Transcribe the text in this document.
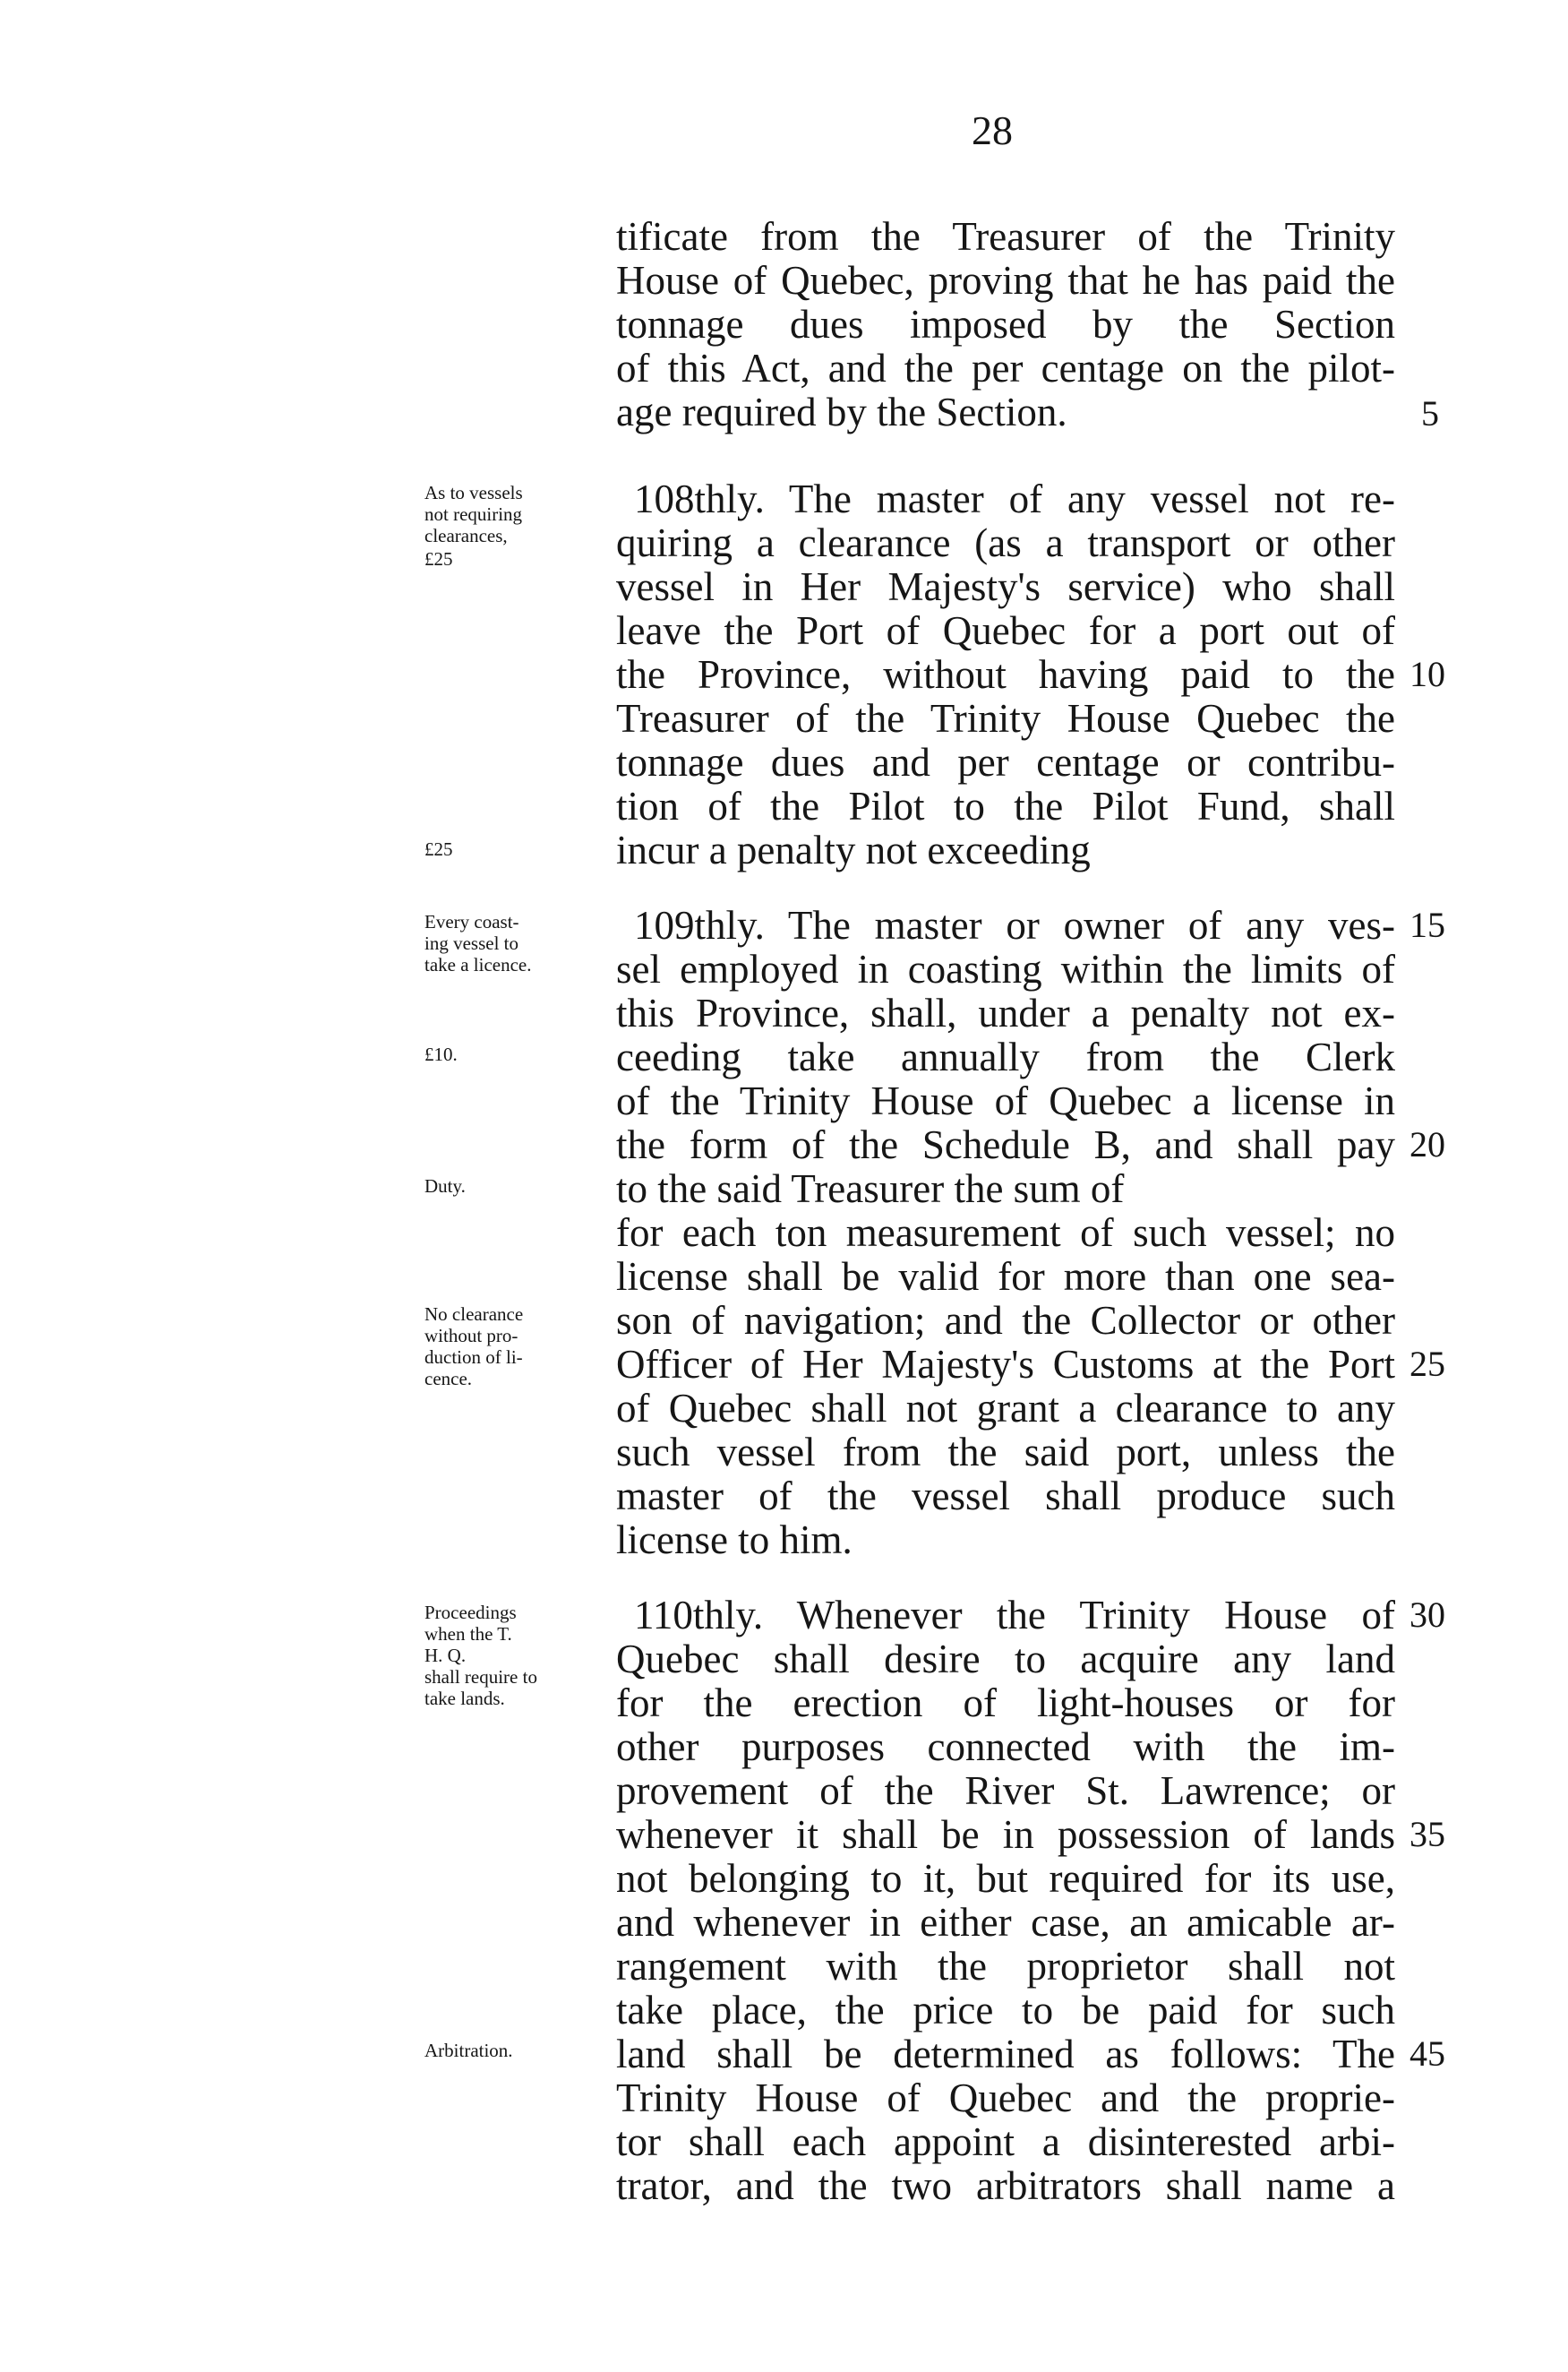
28
tificate from the Treasurer of the Trinity
House of Quebec, proving that he has paid the
tonnage dues imposed by the Section
of this Act, and the per centage on the pilot-
age required by the Section.
108thly. The master of any vessel not re-
quiring a clearance (as a transport or other
vessel in Her Majesty's service) who shall
leave the Port of Quebec for a port out of
the Province, without having paid to the
Treasurer of the Trinity House Quebec the
tonnage dues and per centage or contribu-
tion of the Pilot to the Pilot Fund, shall
incur a penalty not exceeding
109thly. The master or owner of any ves-
sel employed in coasting within the limits of
this Province, shall, under a penalty not ex-
ceeding take annually from the Clerk
of the Trinity House of Quebec a license in
the form of the Schedule B, and shall pay
to the said Treasurer the sum of
for each ton measurement of such vessel; no
license shall be valid for more than one sea-
son of navigation; and the Collector or other
Officer of Her Majesty's Customs at the Port
of Quebec shall not grant a clearance to any
such vessel from the said port, unless the
master of the vessel shall produce such
license to him.
110thly. Whenever the Trinity House of
Quebec shall desire to acquire any land
for the erection of light-houses or for
other purposes connected with the im-
provement of the River St. Lawrence; or
whenever it shall be in possession of lands
not belonging to it, but required for its use,
and whenever in either case, an amicable ar-
rangement with the proprietor shall not
take place, the price to be paid for such
land shall be determined as follows: The
Trinity House of Quebec and the proprie-
tor shall each appoint a disinterested arbi-
trator, and the two arbitrators shall name a
5
10
15
20
25
30
35
45
As to vessels
not requiring
clearances,
£25
£25
Every coast-
ing vessel to
take a licence.
£10.
Duty.
No clearance
without pro-
duction of li-
cence.
Proceedings
when the T.
H. Q.
shall require to
take lands.
Arbitration.
